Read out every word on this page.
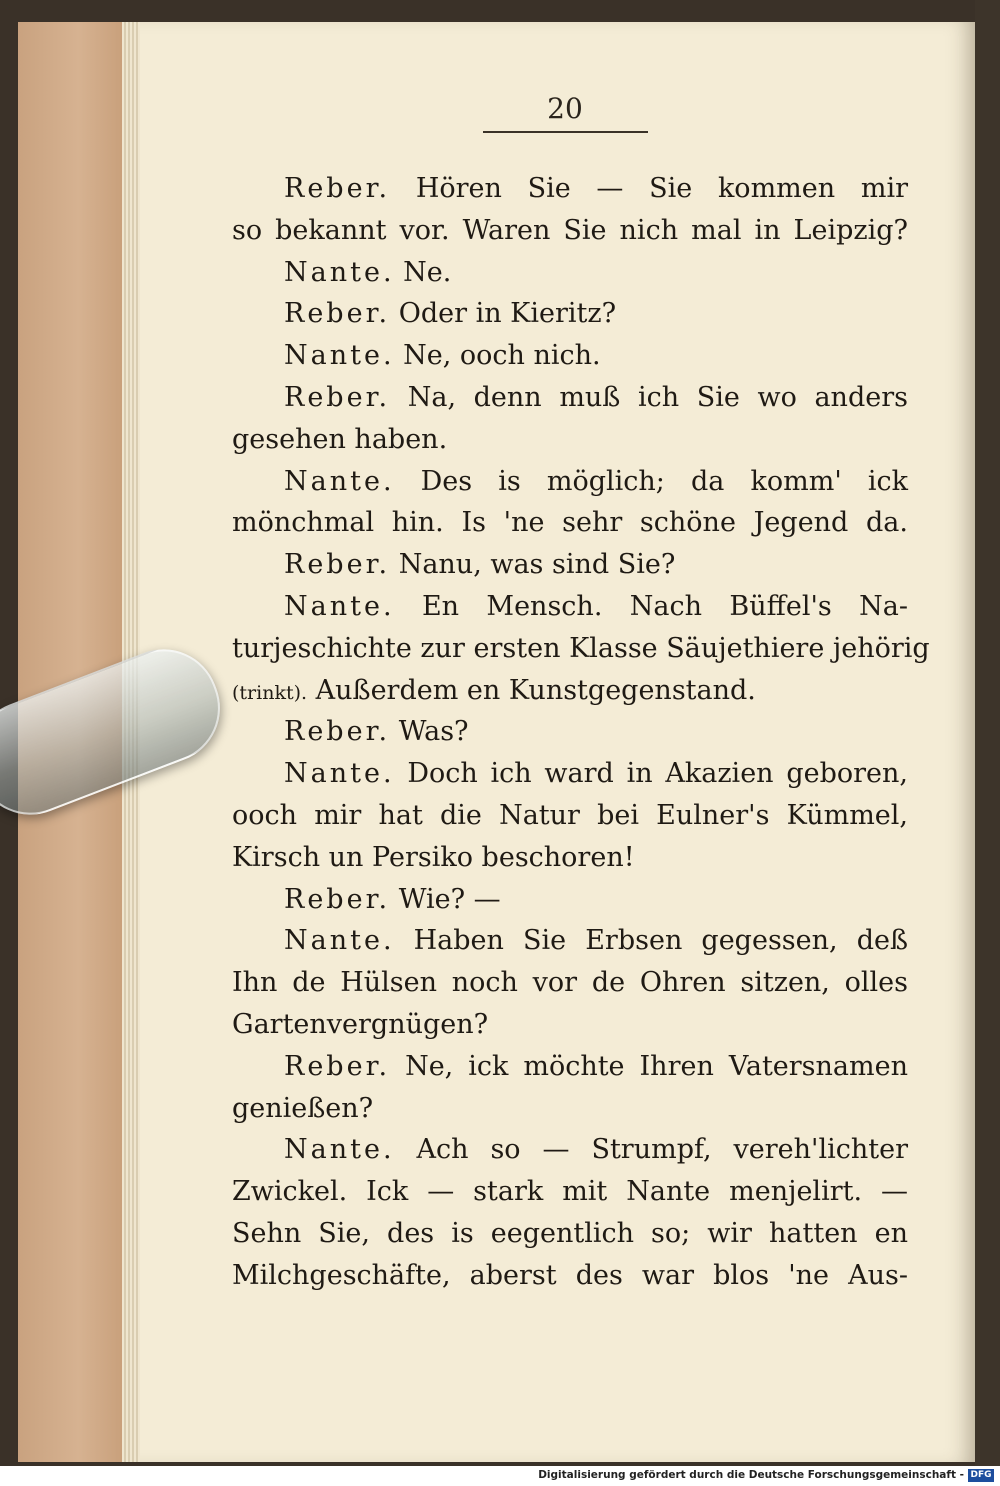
20
Reber. Hören Sie — Sie kommen mir
so bekannt vor. Waren Sie nich mal in Leipzig?
Nante. Ne.
Reber. Oder in Kieritz?
Nante. Ne, ooch nich.
Reber. Na, denn muß ich Sie wo anders
gesehen haben.
Nante. Des is möglich; da komm' ick
mönchmal hin. Is 'ne sehr schöne Jegend da.
Reber. Nanu, was sind Sie?
Nante. En Mensch. Nach Büffel's Na-
turjeschichte zur ersten Klasse Säujethiere jehörig
(trinkt). Außerdem en Kunstgegenstand.
Reber. Was?
Nante. Doch ich ward in Akazien geboren,
ooch mir hat die Natur bei Eulner's Kümmel,
Kirsch un Persiko beschoren!
Reber. Wie? —
Nante. Haben Sie Erbsen gegessen, deß
Ihn de Hülsen noch vor de Ohren sitzen, olles
Gartenvergnügen?
Reber. Ne, ick möchte Ihren Vatersnamen
genießen?
Nante. Ach so — Strumpf, vereh'lichter
Zwickel. Ick — stark mit Nante menjelirt. —
Sehn Sie, des is eegentlich so; wir hatten en
Milchgeschäfte, aberst des war blos 'ne Aus-
Digitalisierung gefördert durch die Deutsche Forschungsgemeinschaft - DFG
